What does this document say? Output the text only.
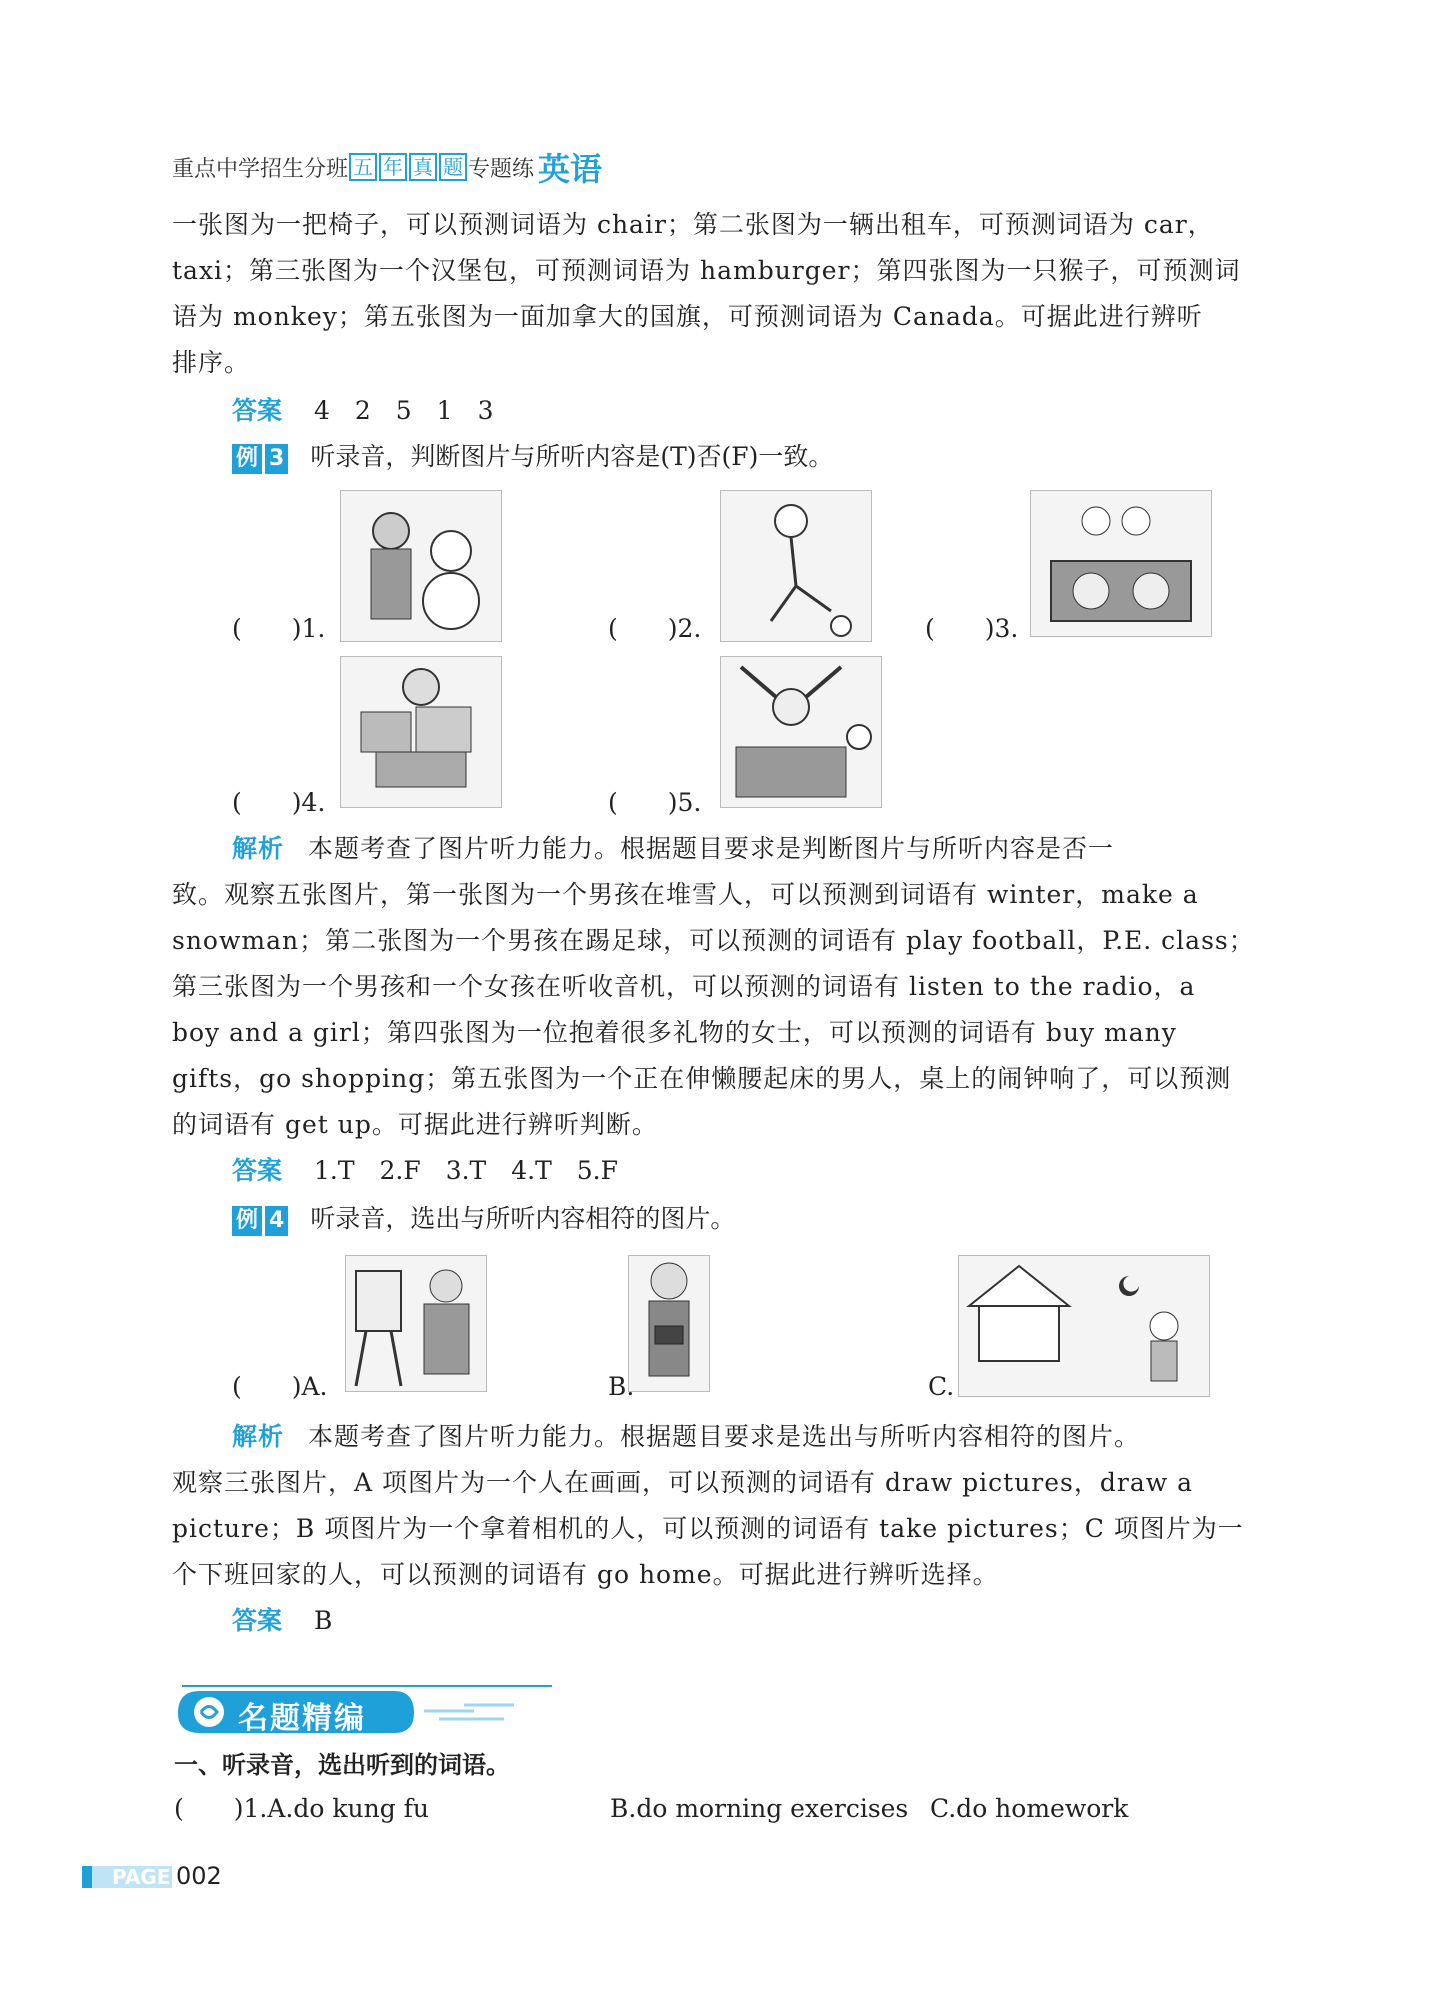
重点中学招生分班 五 年 真 题 专题练 英语
一张图为一把椅子，可以预测词语为 chair；第二张图为一辆出租车，可预测词语为 car，
taxi；第三张图为一个汉堡包，可预测词语为 hamburger；第四张图为一只猴子，可预测词
语为 monkey；第五张图为一面加拿大的国旗，可预测词语为 Canada。可据此进行辨听
排序。
答案 4　2　5　1　3
例 3 听录音，判断图片与所听内容是(T)否(F)一致。
(　　)1.	(　　)2.	(　　)3.
(　　)4.	(　　)5.
解析 本题考查了图片听力能力。根据题目要求是判断图片与所听内容是否一
致。观察五张图片，第一张图为一个男孩在堆雪人，可以预测到词语有 winter，make a
snowman；第二张图为一个男孩在踢足球，可以预测的词语有 play football，P.E. class；
第三张图为一个男孩和一个女孩在听收音机，可以预测的词语有 listen to the radio，a
boy and a girl；第四张图为一位抱着很多礼物的女士，可以预测的词语有 buy many
gifts，go shopping；第五张图为一个正在伸懒腰起床的男人，桌上的闹钟响了，可以预测
的词语有 get up。可据此进行辨听判断。
答案 1.T　2.F　3.T　4.T　5.F
例 4 听录音，选出与所听内容相符的图片。
(　　)A.	B.	C.
解析 本题考查了图片听力能力。根据题目要求是选出与所听内容相符的图片。
观察三张图片，A 项图片为一个人在画画，可以预测的词语有 draw pictures，draw a
picture；B 项图片为一个拿着相机的人，可以预测的词语有 take pictures；C 项图片为一
个下班回家的人，可以预测的词语有 go home。可据此进行辨听选择。
答案 B
名题精编
一、听录音，选出听到的词语。
(　　)1.A.do kung fu	B.do morning exercises C.do homework
PAGE 002
